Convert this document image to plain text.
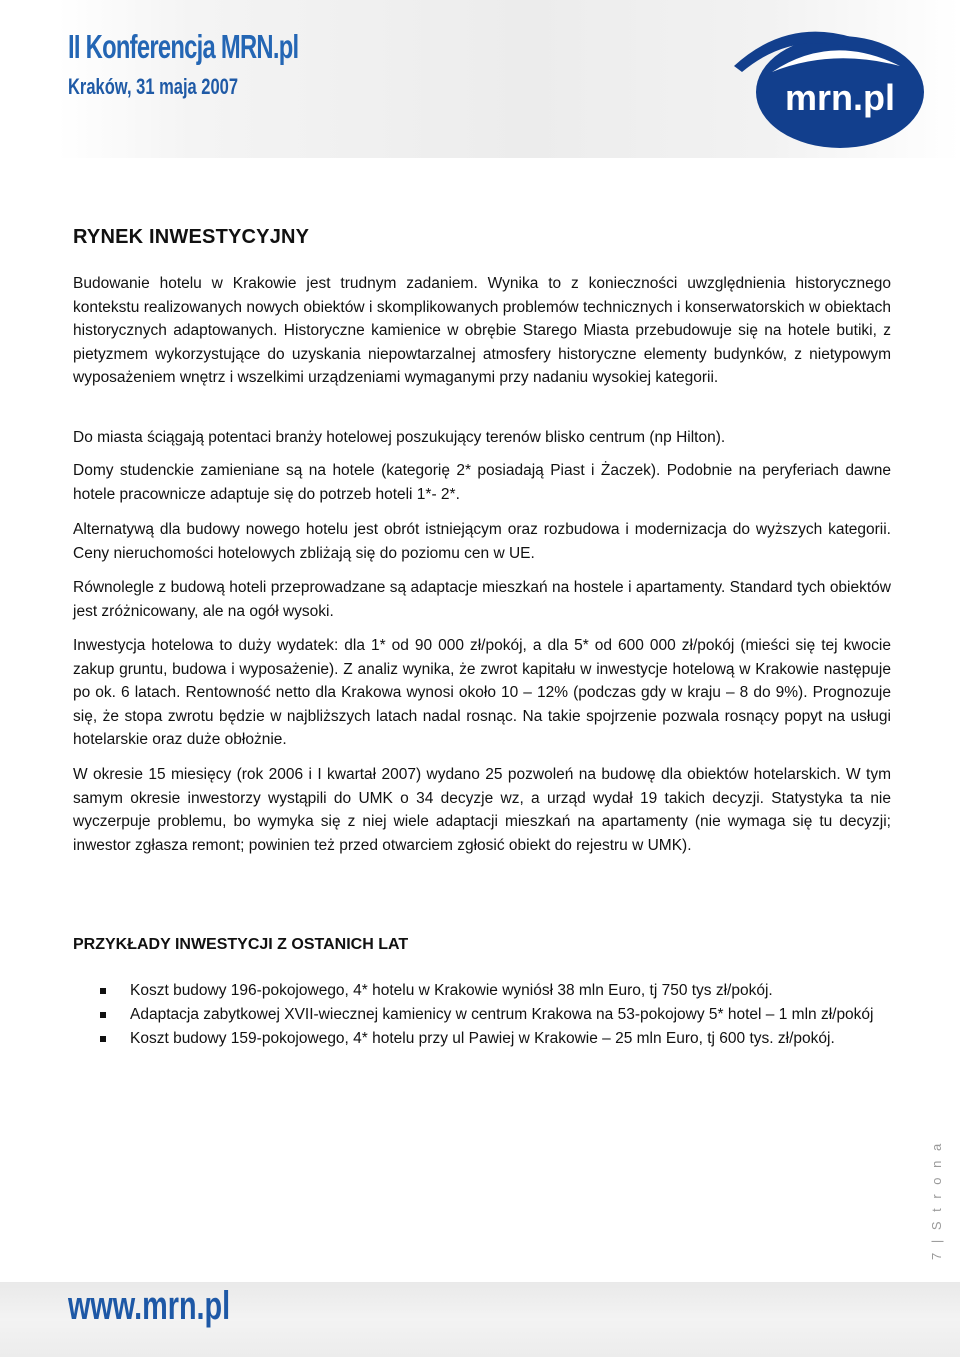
II Konferencja MRN.pl

Kraków, 31 maja 2007	mrn.pl
RYNEK INWESTYCYJNY

Budowanie hotelu w Krakowie jest trudnym zadaniem. Wynika to z konieczności uwzględnienia historycznego kontekstu realizowanych nowych obiektów i skomplikowanych problemów technicznych i konserwatorskich w obiektach historycznych adaptowanych. Historyczne kamienice w obrębie Starego Miasta przebudowuje się na hotele butiki, z pietyzmem wykorzystujące do uzyskania niepowtarzalnej atmosfery historyczne elementy budynków, z nietypowym wyposażeniem wnętrz i wszelkimi urządzeniami wymaganymi przy nadaniu wysokiej kategorii.

Do miasta ściągają potentaci branży hotelowej poszukujący terenów blisko centrum (np Hilton).

Domy studenckie zamieniane są na hotele (kategorię 2* posiadają Piast i Żaczek). Podobnie na peryferiach dawne hotele pracownicze adaptuje się do potrzeb hoteli 1*- 2*.

Alternatywą dla budowy nowego hotelu jest obrót istniejącym oraz rozbudowa i modernizacja do wyższych kategorii. Ceny nieruchomości hotelowych zbliżają się do poziomu cen w UE.

Równolegle z budową hoteli przeprowadzane są adaptacje mieszkań na hostele i apartamenty. Standard tych obiektów jest zróżnicowany, ale na ogół wysoki.

Inwestycja hotelowa to duży wydatek: dla 1* od 90 000 zł/pokój, a dla 5* od 600 000 zł/pokój (mieści się tej kwocie zakup gruntu, budowa i wyposażenie). Z analiz wynika, że zwrot kapitału w inwestycje hotelową w Krakowie następuje po ok. 6 latach. Rentowność netto dla Krakowa wynosi około 10 – 12% (podczas gdy w kraju – 8 do 9%). Prognozuje się, że stopa zwrotu będzie w najbliższych latach nadal rosnąc. Na takie spojrzenie pozwala rosnący popyt na usługi hotelarskie oraz duże obłożnie.

W okresie 15 miesięcy (rok 2006 i I kwartał 2007) wydano 25 pozwoleń na budowę dla obiektów hotelarskich. W tym samym okresie inwestorzy wystąpili do UMK o 34 decyzje wz, a urząd wydał 19 takich decyzji. Statystyka ta nie wyczerpuje problemu, bo wymyka się z niej wiele adaptacji mieszkań na apartamenty (nie wymaga się tu decyzji; inwestor zgłasza remont; powinien też przed otwarciem zgłosić obiekt do rejestru w UMK).

PRZYKŁADY INWESTYCJI Z OSTANICH LAT
Koszt budowy 196-pokojowego, 4* hotelu w Krakowie wyniósł 38 mln Euro, tj 750 tys zł/pokój.
Adaptacja zabytkowej XVII-wiecznej kamienicy w centrum Krakowa na 53-pokojowy 5* hotel – 1 mln zł/pokój
Koszt budowy 159-pokojowego, 4* hotelu przy ul Pawiej w Krakowie – 25 mln Euro, tj 600 tys. zł/pokój.
7 | S t r o n a

www.mrn.pl
